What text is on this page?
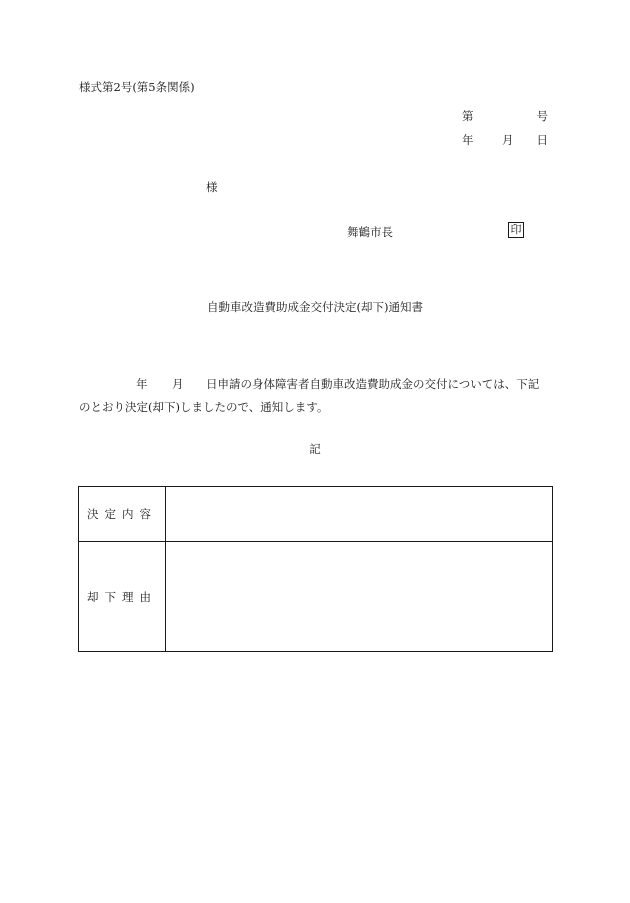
様式第2号(第5条関係)
第	号
年 月 日
様
舞鶴市長	印
自動車改造費助成金交付決定(却下)通知書
年 月 日申請の身体障害者自動車改造費助成金の交付については、下記
のとおり決定(却下)しましたので、通知します。
記
決定内容	
却下理由	
